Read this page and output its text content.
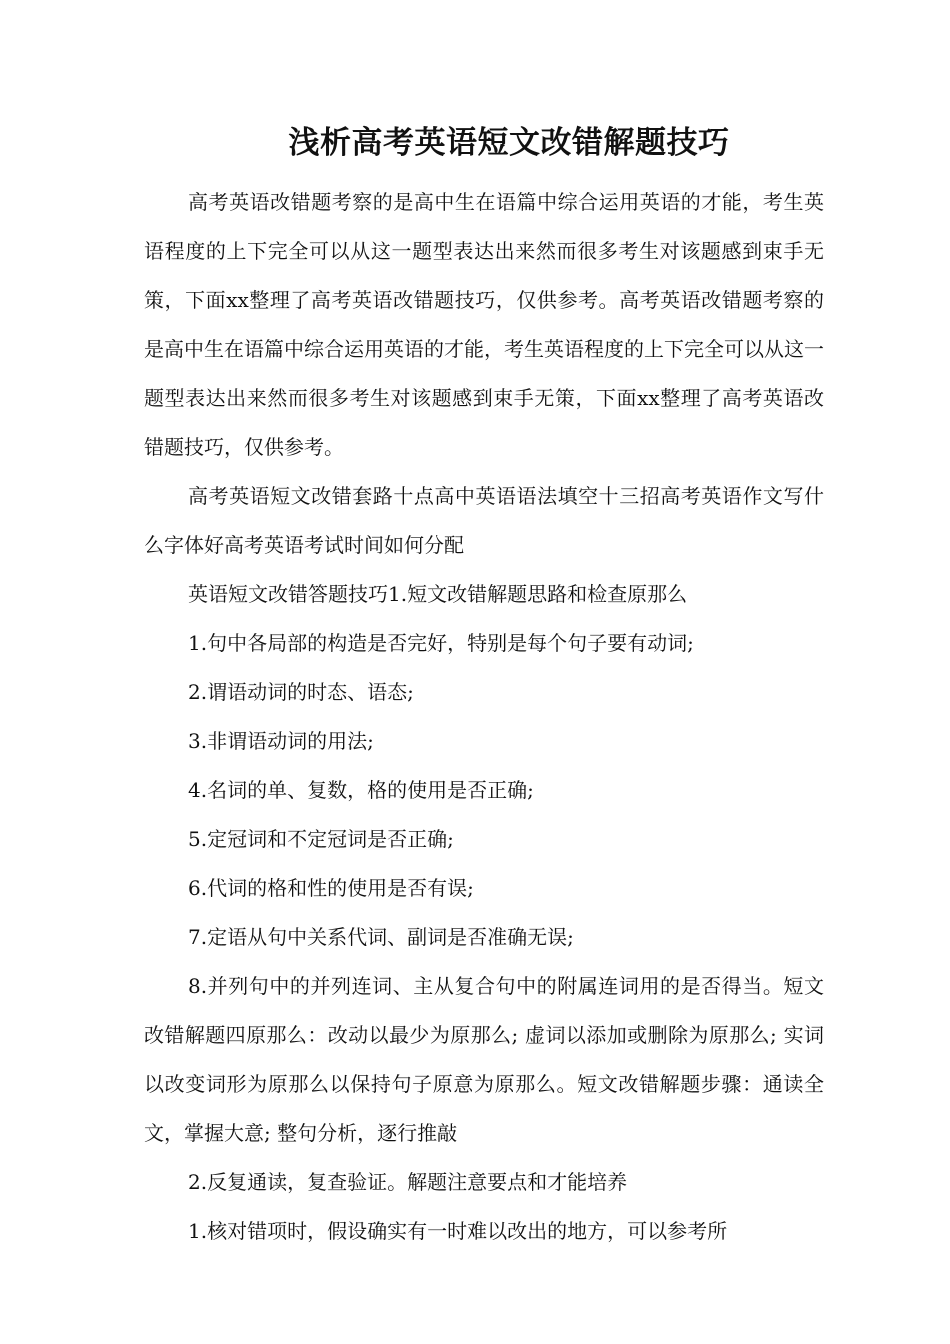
浅析高考英语短文改错解题技巧

高考英语改错题考察的是高中生在语篇中综合运用英语的才能，考生英语程度的上下完全可以从这一题型表达出来然而很多考生对该题感到束手无策，下面xx整理了高考英语改错题技巧，仅供参考。高考英语改错题考察的是高中生在语篇中综合运用英语的才能，考生英语程度的上下完全可以从这一题型表达出来然而很多考生对该题感到束手无策，下面xx整理了高考英语改错题技巧，仅供参考。

高考英语短文改错套路十点高中英语语法填空十三招高考英语作文写什么字体好高考英语考试时间如何分配

英语短文改错答题技巧1.短文改错解题思路和检查原那么

1.句中各局部的构造是否完好，特别是每个句子要有动词;

2.谓语动词的时态、语态;

3.非谓语动词的用法;

4.名词的单、复数，格的使用是否正确;

5.定冠词和不定冠词是否正确;

6.代词的格和性的使用是否有误;

7.定语从句中关系代词、副词是否准确无误;

8.并列句中的并列连词、主从复合句中的附属连词用的是否得当。短文改错解题四原那么：改动以最少为原那么; 虚词以添加或删除为原那么; 实词以改变词形为原那么以保持句子原意为原那么。短文改错解题步骤：通读全文，掌握大意; 整句分析，逐行推敲

2.反复通读，复查验证。解题注意要点和才能培养

1.核对错项时，假设确实有一时难以改出的地方，可以参考所
